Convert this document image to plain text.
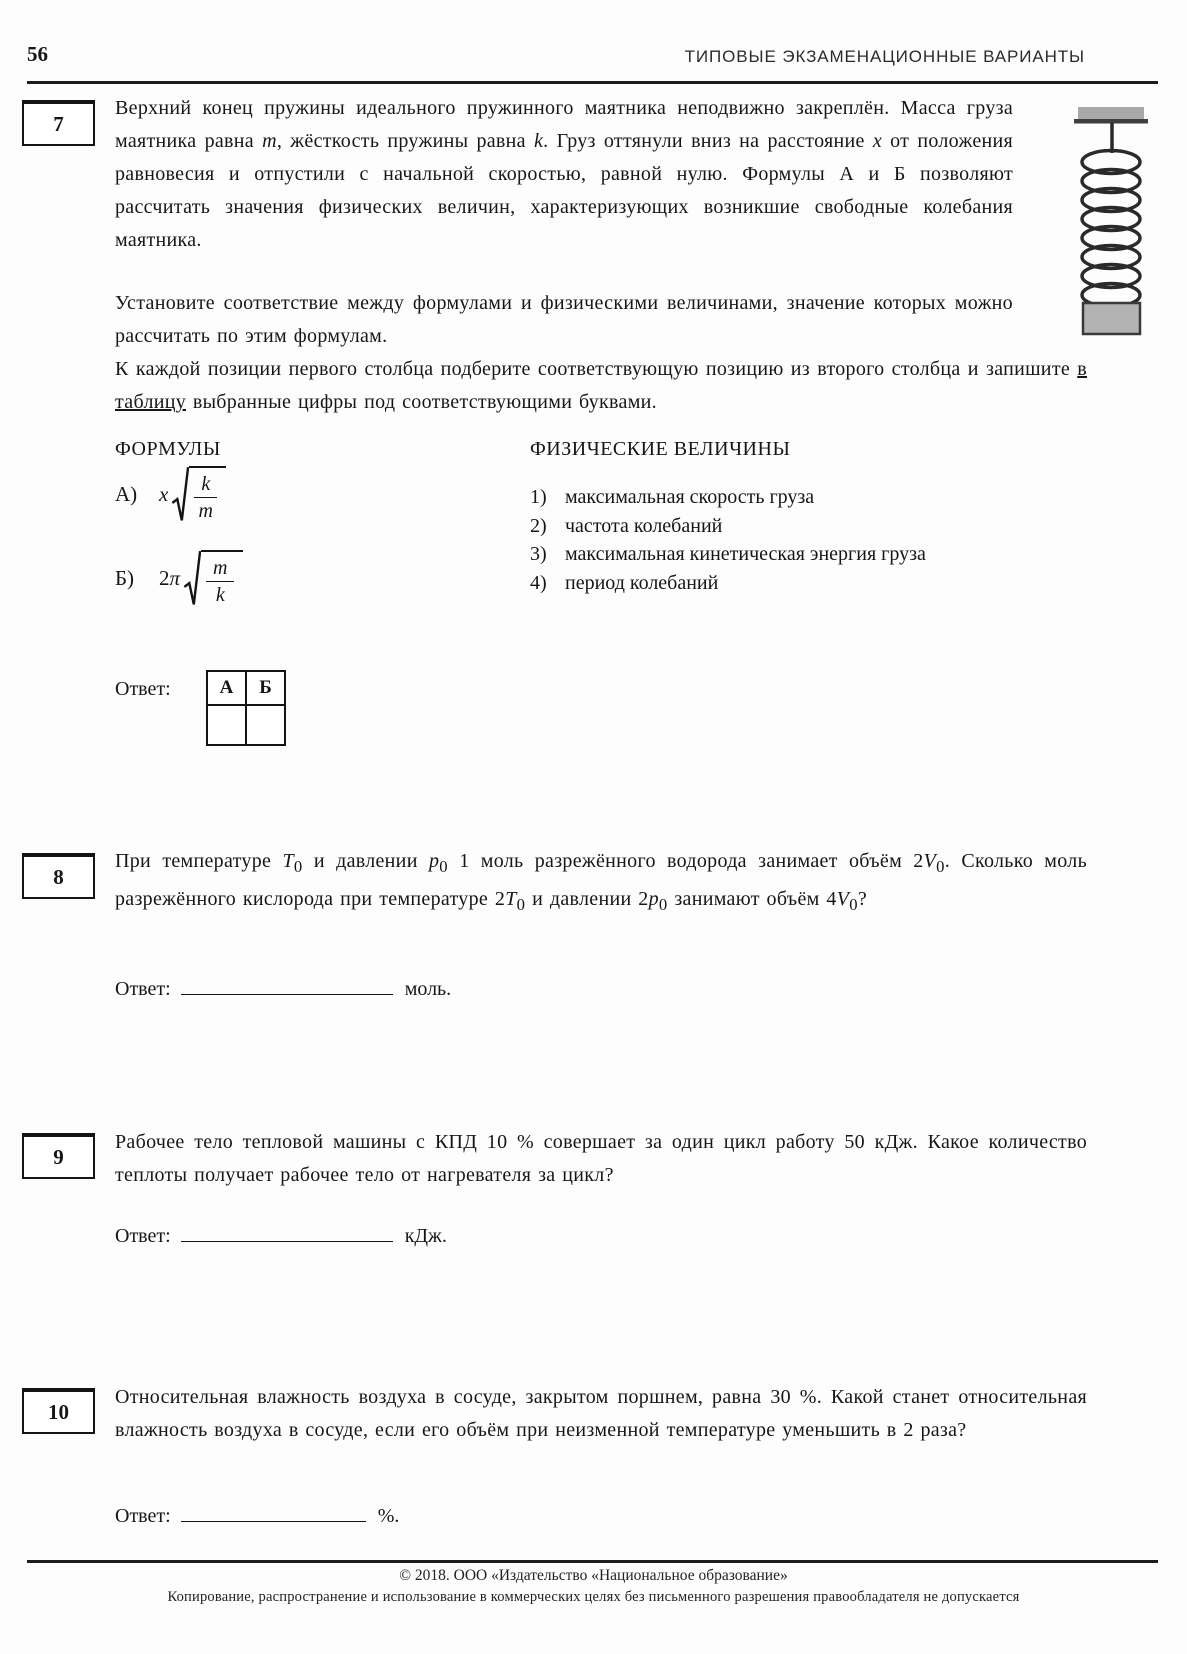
56	ТИПОВЫЕ ЭКЗАМЕНАЦИОННЫЕ ВАРИАНТЫ
7
Верхний конец пружины идеального пружинного маятника неподвижно закреплён. Масса груза маятника равна m, жёсткость пружины равна k. Груз оттянули вниз на расстояние x от положения равновесия и отпустили с начальной скоростью, равной нулю. Формулы А и Б позволяют рассчитать значения физических величин, характеризующих возникшие свободные колебания маятника.
Установите соответствие между формулами и физическими величинами, значение которых можно рассчитать по этим формулам.
К каждой позиции первого столбца подберите соответствующую позицию из второго столбца и запишите в таблицу выбранные цифры под соответствующими буквами.
ФОРМУЛЫ	ФИЗИЧЕСКИЕ ВЕЛИЧИНЫ
А)	x $\frac{k}{m}$
Б)	$2\pi \frac{m}{k}$
1) максимальная скорость груза
2) частота колебаний
3) максимальная кинетическая энергия груза
4) период колебаний
Ответ:	А	Б

8
При температуре $T_0$ и давлении $p_0$ 1 моль разрежённого водорода занимает объём $2V_0$. Сколько моль разрежённого кислорода при температуре $2T_0$ и давлении $2p_0$ занимают объём $4V_0$?
Ответ:	моль.
9
Рабочее тело тепловой машины с КПД 10 % совершает за один цикл работу 50 кДж. Какое количество теплоты получает рабочее тело от нагревателя за цикл?
Ответ:	кДж.
10
Относительная влажность воздуха в сосуде, закрытом поршнем, равна 30 %. Какой станет относительная влажность воздуха в сосуде, если его объём при неизменной температуре уменьшить в 2 раза?
Ответ:	%.
© 2018. ООО «Издательство «Национальное образование»
Копирование, распространение и использование в коммерческих целях без письменного разрешения правообладателя не допускается
